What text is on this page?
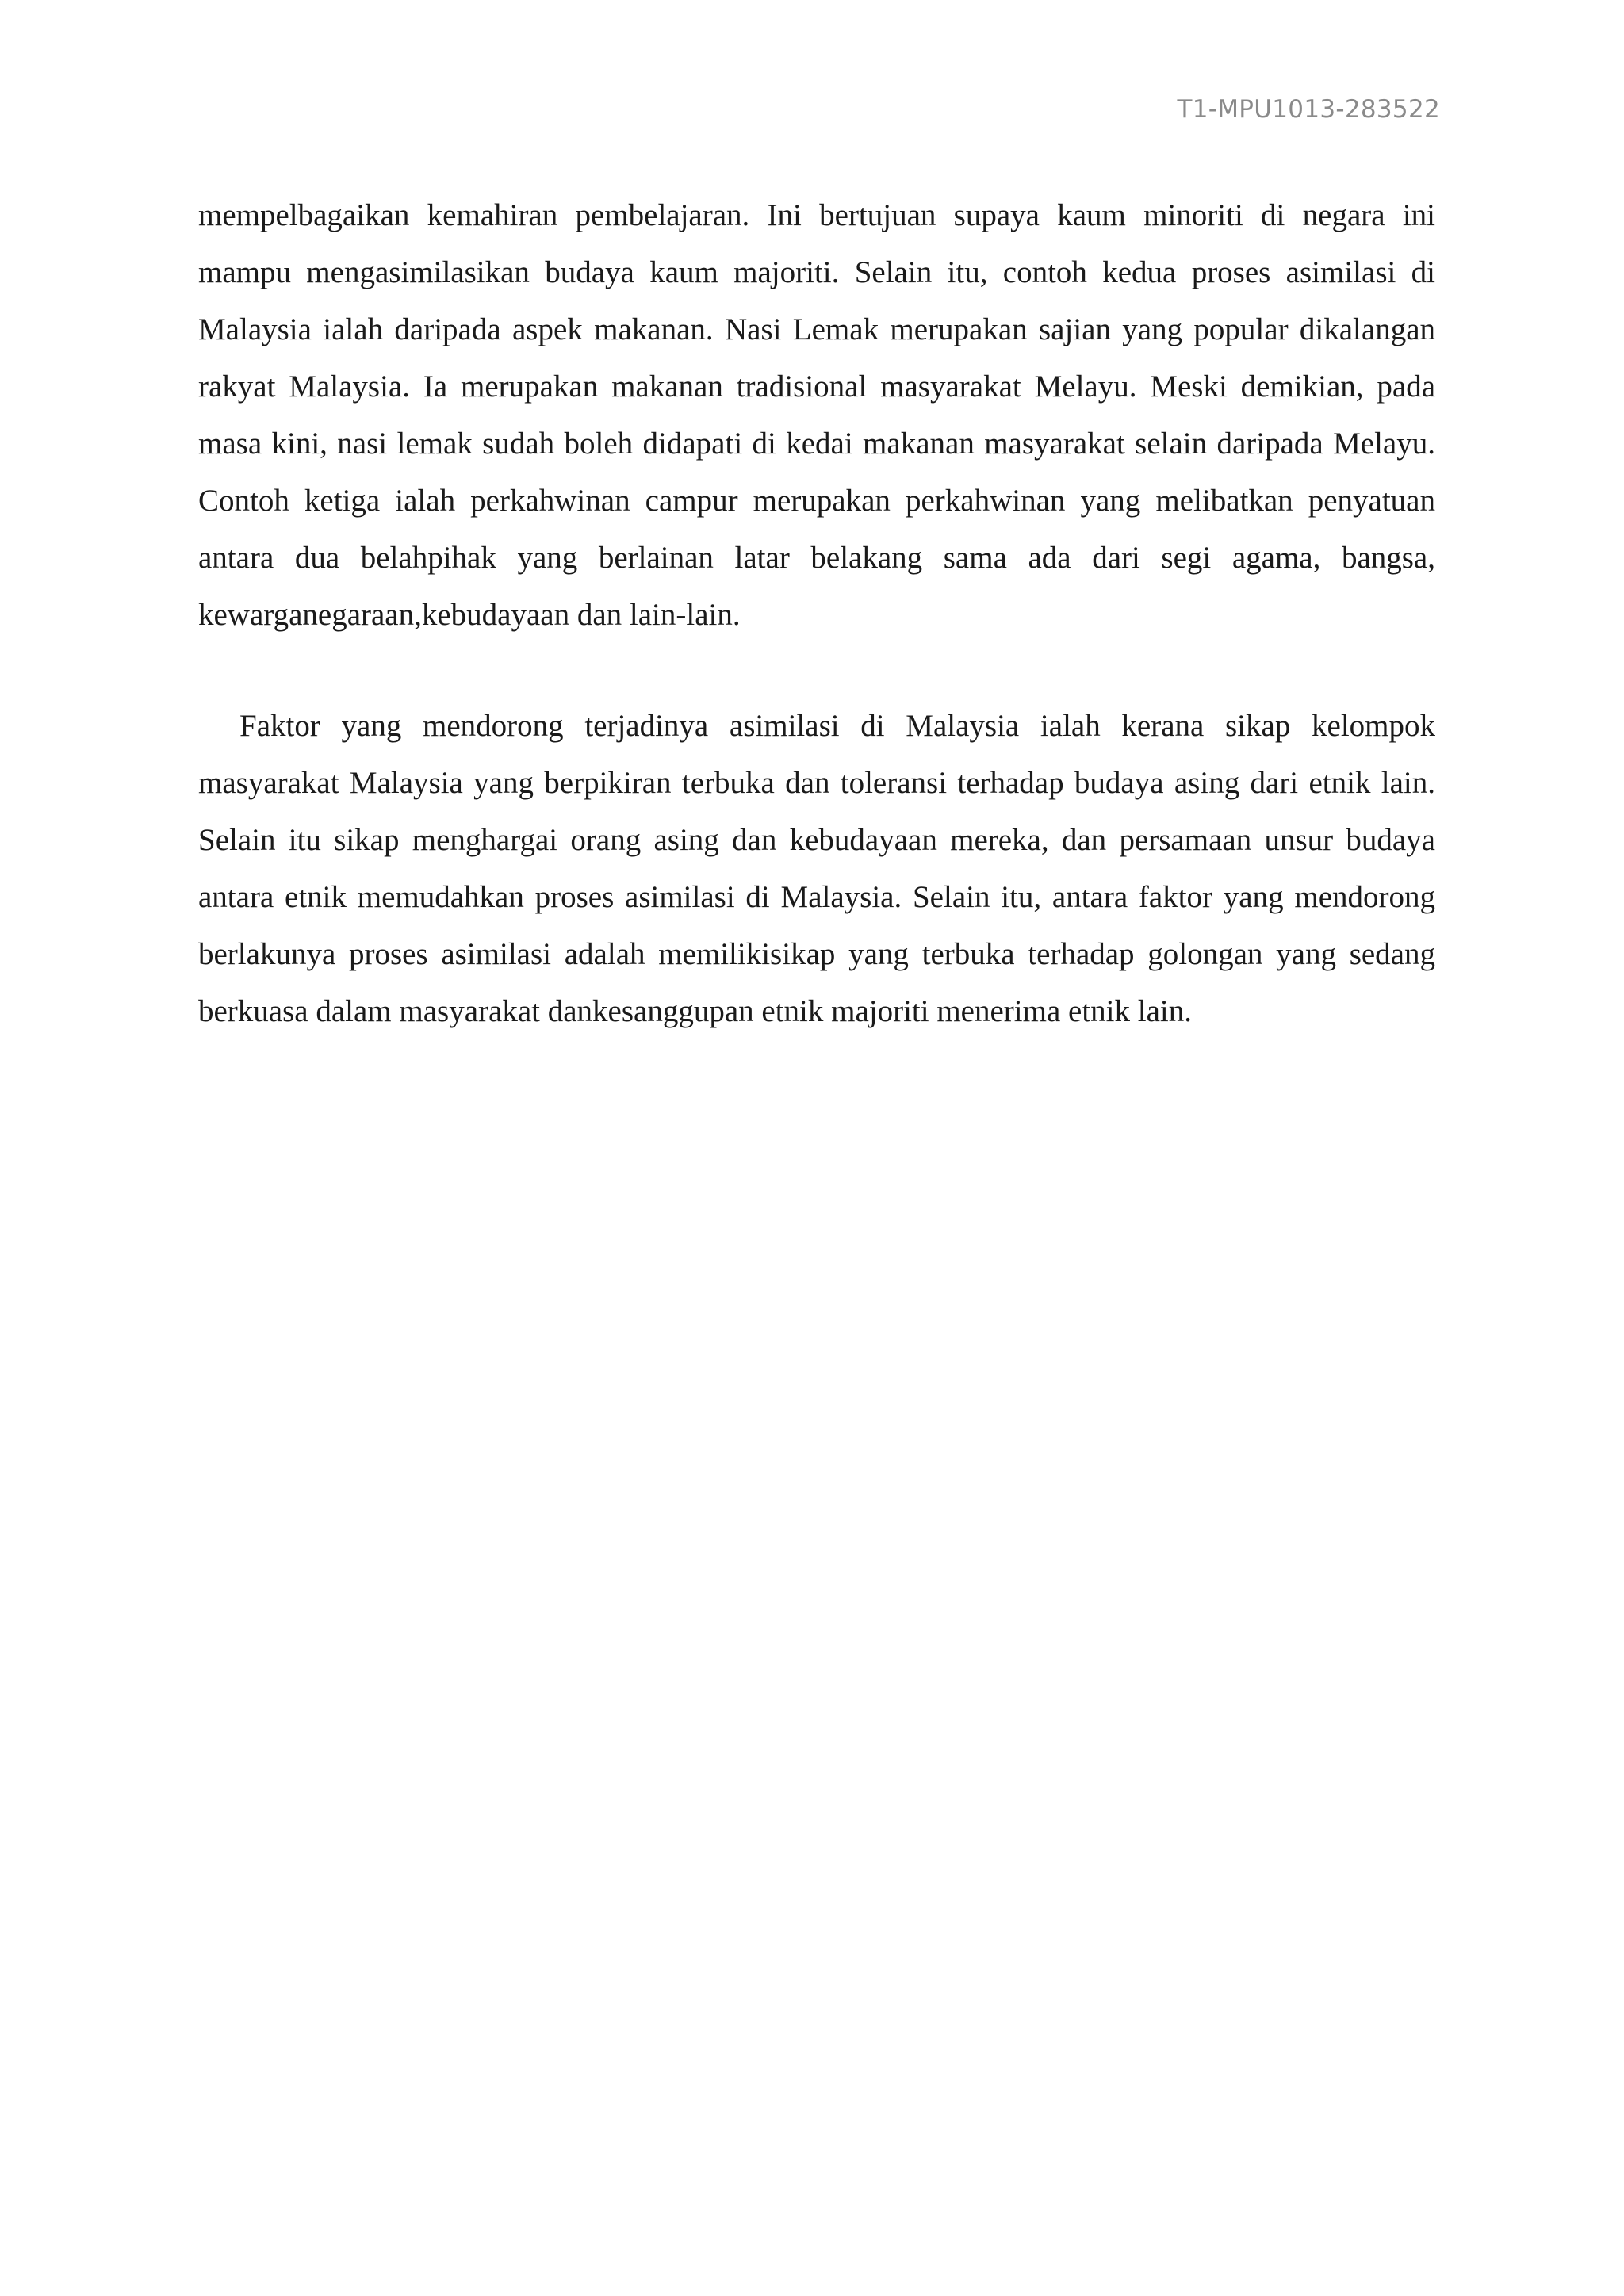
T1-MPU1013-283522

mempelbagaikan kemahiran pembelajaran. Ini bertujuan supaya kaum minoriti di negara ini mampu mengasimilasikan budaya kaum majoriti. Selain itu, contoh kedua proses asimilasi di Malaysia ialah daripada aspek makanan. Nasi Lemak merupakan sajian yang popular dikalangan rakyat Malaysia. Ia merupakan makanan tradisional masyarakat Melayu. Meski demikian, pada masa kini, nasi lemak sudah boleh didapati di kedai makanan masyarakat selain daripada Melayu. Contoh ketiga ialah perkahwinan campur merupakan perkahwinan yang melibatkan penyatuan antara dua belahpihak yang berlainan latar belakang sama ada dari segi agama, bangsa, kewarganegaraan,kebudayaan dan lain-lain.

Faktor yang mendorong terjadinya asimilasi di Malaysia ialah kerana sikap kelompok masyarakat Malaysia yang berpikiran terbuka dan toleransi terhadap budaya asing dari etnik lain. Selain itu sikap menghargai orang asing dan kebudayaan mereka, dan persamaan unsur budaya antara etnik memudahkan proses asimilasi di Malaysia. Selain itu, antara faktor yang mendorong berlakunya proses asimilasi adalah memilikisikap yang terbuka terhadap golongan yang sedang berkuasa dalam masyarakat dankesanggupan etnik majoriti menerima etnik lain.
